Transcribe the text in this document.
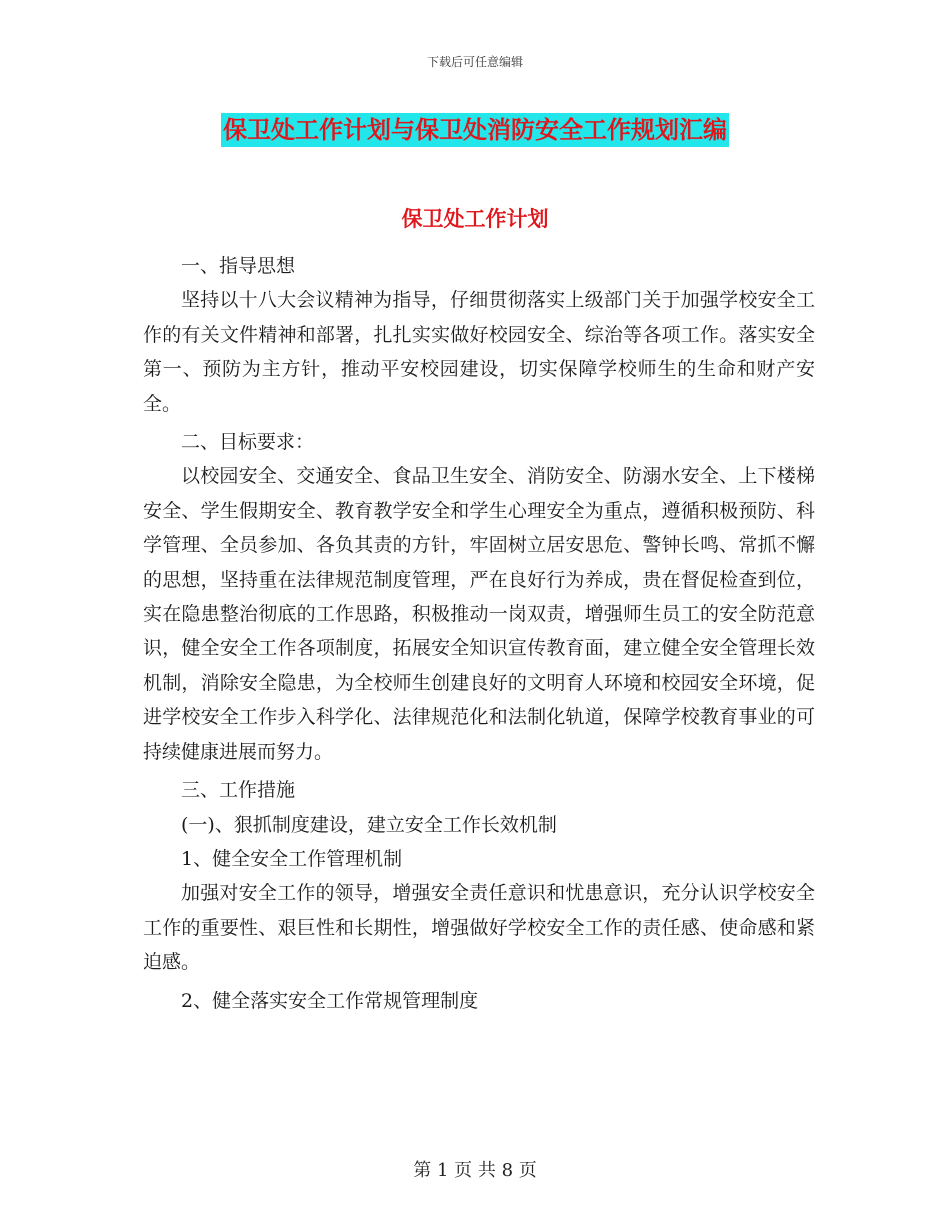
下载后可任意编辑
保卫处工作计划与保卫处消防安全工作规划汇编
保卫处工作计划

一、指导思想

坚持以十八大会议精神为指导，仔细贯彻落实上级部门关于加强学校安全工作的有关文件精神和部署，扎扎实实做好校园安全、综治等各项工作。落实安全第一、预防为主方针，推动平安校园建设，切实保障学校师生的生命和财产安全。

二、目标要求：

以校园安全、交通安全、食品卫生安全、消防安全、防溺水安全、上下楼梯安全、学生假期安全、教育教学安全和学生心理安全为重点，遵循积极预防、科学管理、全员参加、各负其责的方针，牢固树立居安思危、警钟长鸣、常抓不懈的思想，坚持重在法律规范制度管理，严在良好行为养成，贵在督促检查到位，实在隐患整治彻底的工作思路，积极推动一岗双责，增强师生员工的安全防范意识，健全安全工作各项制度，拓展安全知识宣传教育面，建立健全安全管理长效机制，消除安全隐患，为全校师生创建良好的文明育人环境和校园安全环境，促进学校安全工作步入科学化、法律规范化和法制化轨道，保障学校教育事业的可持续健康进展而努力。

三、工作措施

(一)、狠抓制度建设，建立安全工作长效机制

1、健全安全工作管理机制

加强对安全工作的领导，增强安全责任意识和忧患意识，充分认识学校安全工作的重要性、艰巨性和长期性，增强做好学校安全工作的责任感、使命感和紧迫感。

2、健全落实安全工作常规管理制度

第 1 页 共 8 页
